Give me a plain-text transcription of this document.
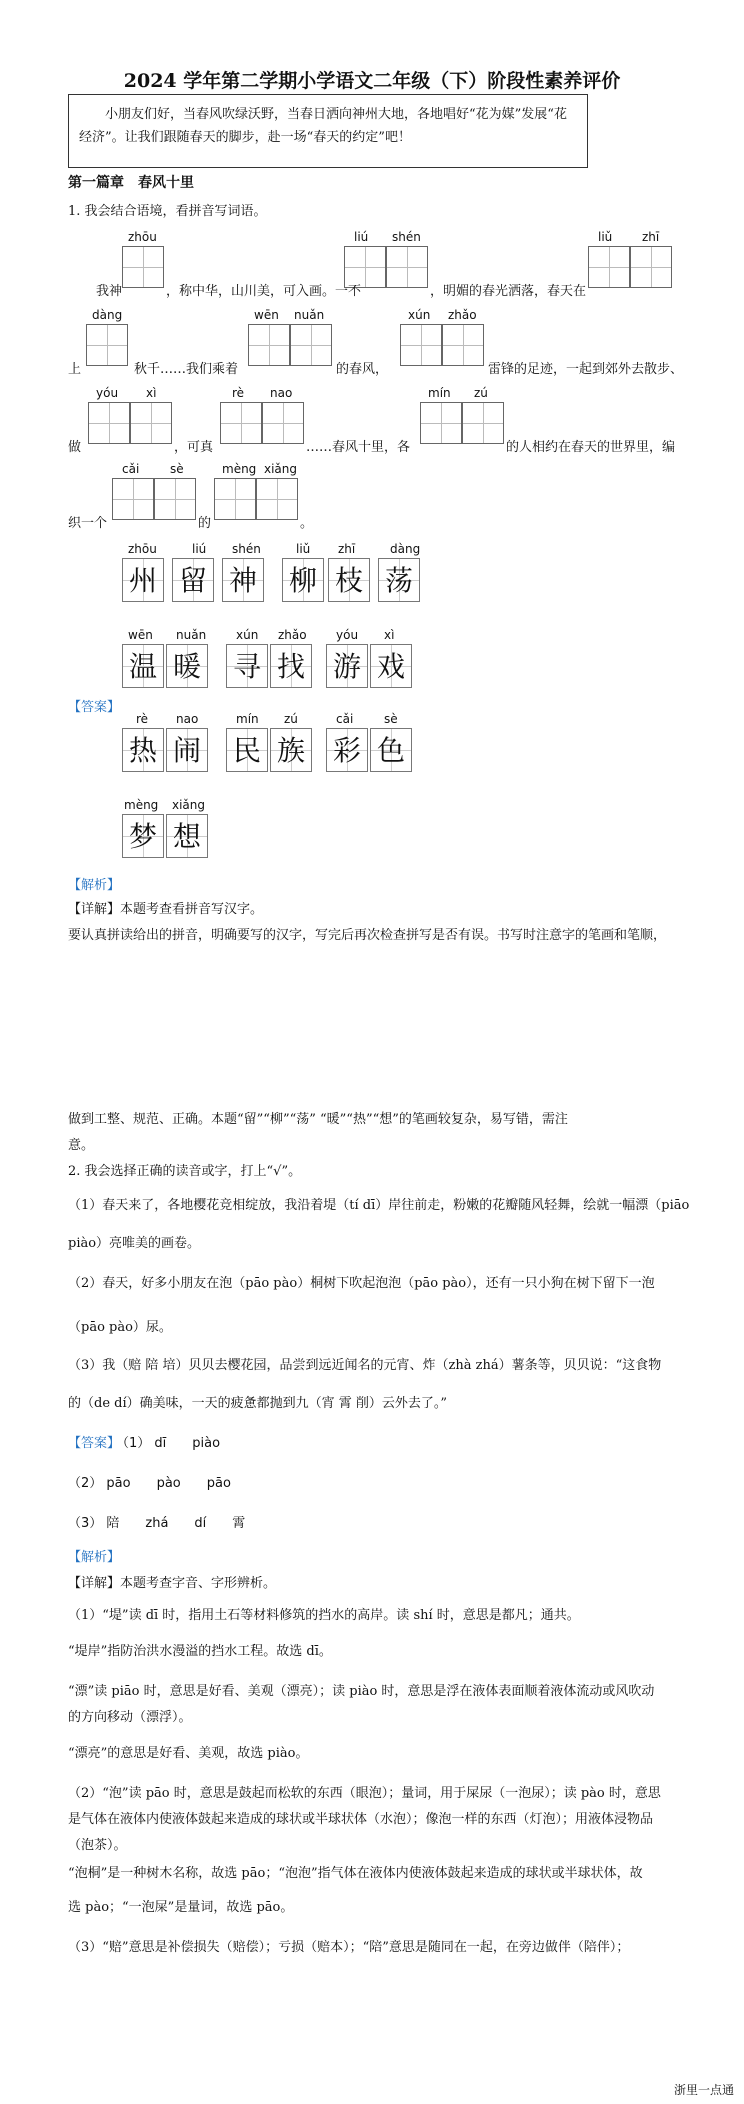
2024 学年第二学期小学语文二年级（下）阶段性素养评价
小朋友们好，当春风吹绿沃野，当春日洒向神州大地，各地唱好“花为媒”发展“花经济”。让我们跟随春天的脚步，赴一场“春天的约定”吧！
第一篇章　春风十里
1. 我会结合语境，看拼音写词语。
zhōu	liú shén	liǔ zhī
我神	，称中华，山川美，可入画。一不	，明媚的春光洒落，春天在
dàng	wēn nuǎn	xún zhǎo
上	秋千……我们乘着	的春风，	雷锋的足迹，一起到郊外去散步、
yóu xì	rè nao	mín zú
做	，可真	……春风十里，各	的人相约在春天的世界里，编
cǎi	sè	mèng xiǎng
织一个	的	。
zhōu	liú shén	liǔ zhī	dàng
州 留 神 柳 枝 荡
wēn nuǎn xún zhǎo yóu xì
温 暖 寻 找 游 戏
【答案】
rè nao	mín zú	cǎi	sè
热 闹 民 族 彩 色
mèng xiǎng
梦 想
【解析】
【详解】本题考查看拼音写汉字。
要认真拼读给出的拼音，明确要写的汉字，写完后再次检查拼写是否有误。书写时注意字的笔画和笔顺，
做到工整、规范、正确。本题“留”“柳”“荡” “暖”“热”“想”的笔画较复杂，易写错，需注
意。
2. 我会选择正确的读音或字，打上“√”。
（1）春天来了，各地樱花竞相绽放，我沿着堤（tí dī）岸往前走，粉嫩的花瓣随风轻舞，绘就一幅漂（piāo
piào）亮唯美的画卷。
（2）春天，好多小朋友在泡（pāo pào）桐树下吹起泡泡（pāo pào），还有一只小狗在树下留下一泡
（pāo pào）尿。
（3）我（赔 陪 培）贝贝去樱花园，品尝到远近闻名的元宵、炸（zhà zhá）薯条等，贝贝说：“这食物
的（de dí）确美味，一天的疲惫都抛到九（宵 霄 削）云外去了。”
【答案】
（1） dī　　piào
（2） pāo　　pào　　pāo
（3） 陪　　zhá　　dí　　霄
【解析】
【详解】本题考查字音、字形辨析。
（1）“堤”读 dī 时，指用土石等材料修筑的挡水的高岸。读 shí 时，意思是都凡；通共。
“堤岸”指防治洪水漫溢的挡水工程。故选 dī。
“漂”读 piāo 时，意思是好看、美观（漂亮）；读 piào 时，意思是浮在液体表面顺着液体流动或风吹动
的方向移动（漂浮）。
“漂亮”的意思是好看、美观，故选 piào。
（2）“泡”读 pāo 时，意思是鼓起而松软的东西（眼泡）；量词，用于屎尿（一泡尿）；读 pào 时，意思
是气体在液体内使液体鼓起来造成的球状或半球状体（水泡）；像泡一样的东西（灯泡）；用液体浸物品
（泡茶）。
“泡桐”是一种树木名称，故选 pāo；“泡泡”指气体在液体内使液体鼓起来造成的球状或半球状体，故
选 pào；“一泡屎”是量词，故选 pāo。
（3）“赔”意思是补偿损失（赔偿）；亏损（赔本）；“陪”意思是随同在一起，在旁边做伴（陪伴）；
浙里一点通
